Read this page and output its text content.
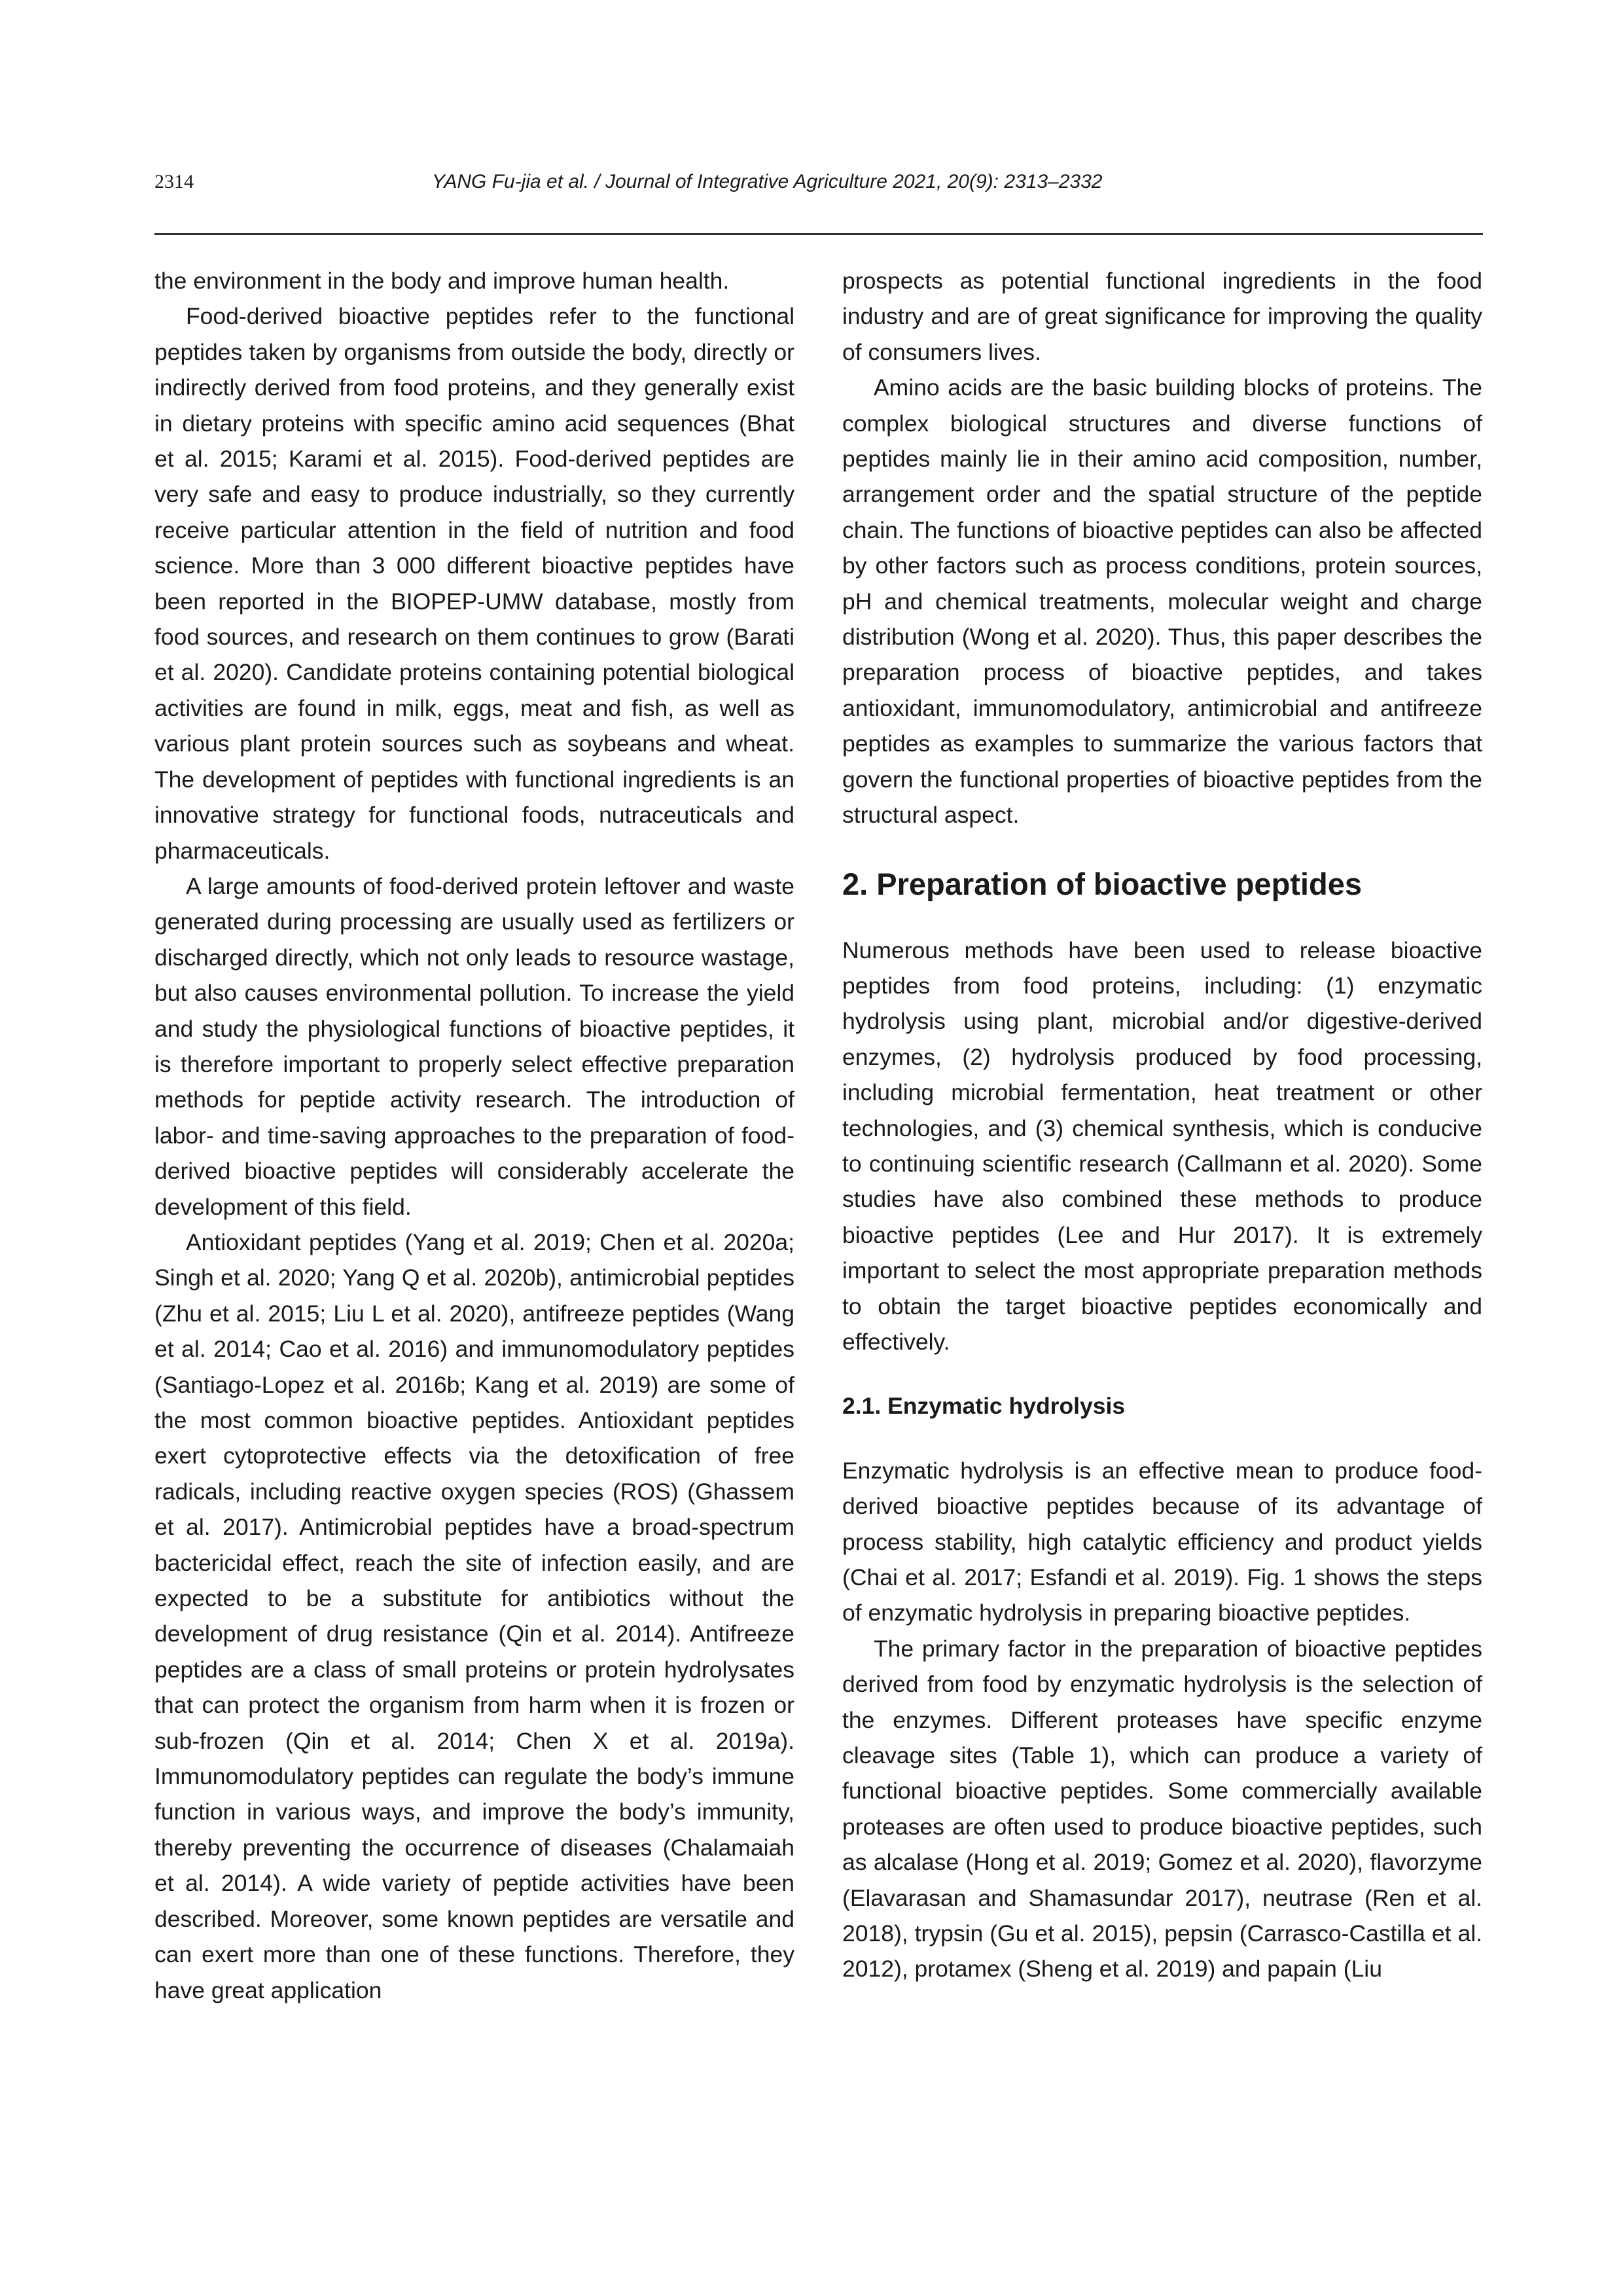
2314	YANG Fu-jia et al. / Journal of Integrative Agriculture 2021, 20(9): 2313–2332

the environment in the body and improve human health.

Food-derived bioactive peptides refer to the functional peptides taken by organisms from outside the body, directly or indirectly derived from food proteins, and they generally exist in dietary proteins with specific amino acid sequences (Bhat et al. 2015; Karami et al. 2015). Food-derived peptides are very safe and easy to produce industrially, so they currently receive particular attention in the field of nutrition and food science. More than 3 000 different bioactive peptides have been reported in the BIOPEP-UMW database, mostly from food sources, and research on them continues to grow (Barati et al. 2020). Candidate proteins containing potential biological activities are found in milk, eggs, meat and fish, as well as various plant protein sources such as soybeans and wheat. The development of peptides with functional ingredients is an innovative strategy for functional foods, nutraceuticals and pharmaceuticals.

A large amounts of food-derived protein leftover and waste generated during processing are usually used as fertilizers or discharged directly, which not only leads to resource wastage, but also causes environmental pollution. To increase the yield and study the physiological functions of bioactive peptides, it is therefore important to properly select effective preparation methods for peptide activity research. The introduction of labor- and time-saving approaches to the preparation of food-derived bioactive peptides will considerably accelerate the development of this field.

Antioxidant peptides (Yang et al. 2019; Chen et al. 2020a; Singh et al. 2020; Yang Q et al. 2020b), antimicrobial peptides (Zhu et al. 2015; Liu L et al. 2020), antifreeze peptides (Wang et al. 2014; Cao et al. 2016) and immunomodulatory peptides (Santiago-Lopez et al. 2016b; Kang et al. 2019) are some of the most common bioactive peptides. Antioxidant peptides exert cytoprotective effects via the detoxification of free radicals, including reactive oxygen species (ROS) (Ghassem et al. 2017). Antimicrobial peptides have a broad-spectrum bactericidal effect, reach the site of infection easily, and are expected to be a substitute for antibiotics without the development of drug resistance (Qin et al. 2014). Antifreeze peptides are a class of small proteins or protein hydrolysates that can protect the organism from harm when it is frozen or sub-frozen (Qin et al. 2014; Chen X et al. 2019a). Immunomodulatory peptides can regulate the body’s immune function in various ways, and improve the body’s immunity, thereby preventing the occurrence of diseases (Chalamaiah et al. 2014). A wide variety of peptide activities have been described. Moreover, some known peptides are versatile and can exert more than one of these functions. Therefore, they have great application

prospects as potential functional ingredients in the food industry and are of great significance for improving the quality of consumers lives.

Amino acids are the basic building blocks of proteins. The complex biological structures and diverse functions of peptides mainly lie in their amino acid composition, number, arrangement order and the spatial structure of the peptide chain. The functions of bioactive peptides can also be affected by other factors such as process conditions, protein sources, pH and chemical treatments, molecular weight and charge distribution (Wong et al. 2020). Thus, this paper describes the preparation process of bioactive peptides, and takes antioxidant, immunomodulatory, antimicrobial and antifreeze peptides as examples to summarize the various factors that govern the functional properties of bioactive peptides from the structural aspect.

2. Preparation of bioactive peptides

Numerous methods have been used to release bioactive peptides from food proteins, including: (1) enzymatic hydrolysis using plant, microbial and/or digestive-derived enzymes, (2) hydrolysis produced by food processing, including microbial fermentation, heat treatment or other technologies, and (3) chemical synthesis, which is conducive to continuing scientific research (Callmann et al. 2020). Some studies have also combined these methods to produce bioactive peptides (Lee and Hur 2017). It is extremely important to select the most appropriate preparation methods to obtain the target bioactive peptides economically and effectively.

2.1. Enzymatic hydrolysis

Enzymatic hydrolysis is an effective mean to produce food-derived bioactive peptides because of its advantage of process stability, high catalytic efficiency and product yields (Chai et al. 2017; Esfandi et al. 2019). Fig. 1 shows the steps of enzymatic hydrolysis in preparing bioactive peptides.

The primary factor in the preparation of bioactive peptides derived from food by enzymatic hydrolysis is the selection of the enzymes. Different proteases have specific enzyme cleavage sites (Table 1), which can produce a variety of functional bioactive peptides. Some commercially available proteases are often used to produce bioactive peptides, such as alcalase (Hong et al. 2019; Gomez et al. 2020), flavorzyme (Elavarasan and Shamasundar 2017), neutrase (Ren et al. 2018), trypsin (Gu et al. 2015), pepsin (Carrasco-Castilla et al. 2012), protamex (Sheng et al. 2019) and papain (Liu
